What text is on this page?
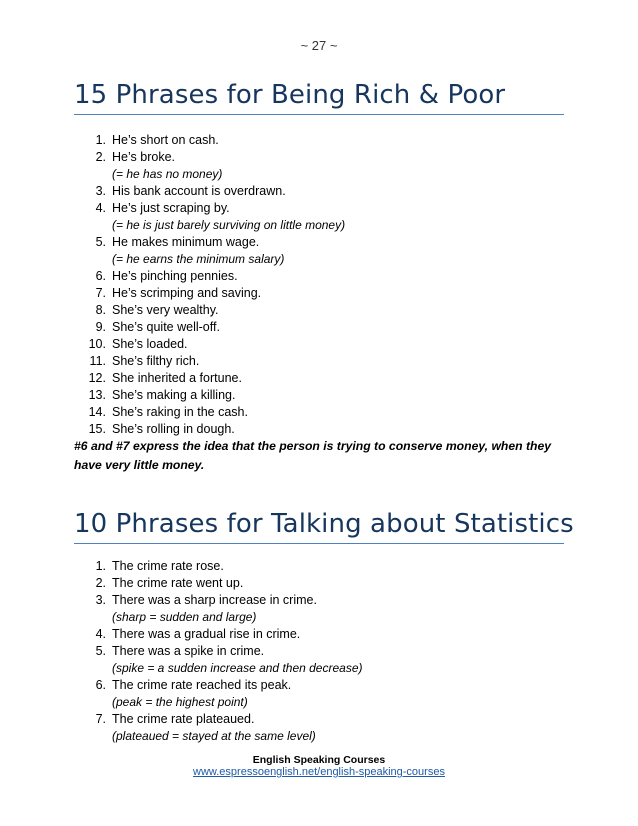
~ 27 ~
15 Phrases for Being Rich & Poor
1. He’s short on cash.
2. He’s broke.
(= he has no money)
3. His bank account is overdrawn.
4. He’s just scraping by.
(= he is just barely surviving on little money)
5. He makes minimum wage.
(= he earns the minimum salary)
6. He’s pinching pennies.
7. He’s scrimping and saving.
8. She’s very wealthy.
9. She’s quite well-off.
10. She’s loaded.
11. She’s filthy rich.
12. She inherited a fortune.
13. She’s making a killing.
14. She’s raking in the cash.
15. She’s rolling in dough.
#6 and #7 express the idea that the person is trying to conserve money, when they have very little money.
10 Phrases for Talking about Statistics
1. The crime rate rose.
2. The crime rate went up.
3. There was a sharp increase in crime.
(sharp = sudden and large)
4. There was a gradual rise in crime.
5. There was a spike in crime.
(spike = a sudden increase and then decrease)
6. The crime rate reached its peak.
(peak = the highest point)
7. The crime rate plateaued.
(plateaued = stayed at the same level)
English Speaking Courses
www.espressoenglish.net/english-speaking-courses
